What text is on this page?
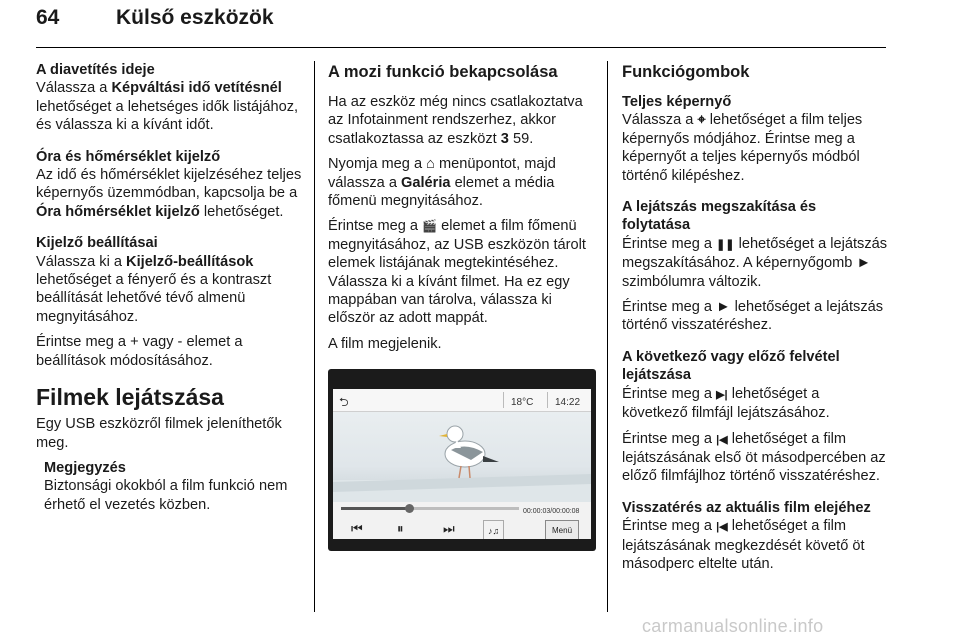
64	Külső eszközök
A diavetítés ideje
Válassza a Képváltási idő vetítésnél lehetőséget a lehetséges idők listájához, és válassza ki a kívánt időt.
Óra és hőmérséklet kijelző
Az idő és hőmérséklet kijelzéséhez teljes képernyős üzemmódban, kapcsolja be a Óra hőmérséklet kijelző lehetőséget.
Kijelző beállításai
Válassza ki a Kijelző-beállítások lehetőséget a fényerő és a kontraszt beállítását lehetővé tévő almenü megnyitásához.
Érintse meg a + vagy - elemet a beállítások módosításához.
Filmek lejátszása
Egy USB eszközről filmek jeleníthetők meg.
Megjegyzés
Biztonsági okokból a film funkció nem érhető el vezetés közben.
A mozi funkció bekapcsolása
Ha az eszköz még nincs csatlakoztatva az Infotainment rendszerhez, akkor csatlakoztassa az eszközt 3 59.
Nyomja meg a ⌂ menüpontot, majd válassza a Galéria elemet a média főmenü megnyitásához.
Érintse meg a 🎬 elemet a film főmenü megnyitásához, az USB eszközön tárolt elemek listájának megtekintéséhez. Válassza ki a kívánt filmet. Ha ez egy mappában van tárolva, válassza ki először az adott mappát.
A film megjelenik.
⮌	18°C 14:22
00:00:03/00:00:08
⏮	⏸	⏭	♪♫	Menü
Funkciógombok
Teljes képernyő
Válassza a ⌖ lehetőséget a film teljes képernyős módjához. Érintse meg a képernyőt a teljes képernyős módból történő kilépéshez.
A lejátszás megszakítása és folytatása
Érintse meg a ❚❚ lehetőséget a lejátszás megszakításához. A képernyőgomb ► szimbólumra változik.
Érintse meg a ► lehetőséget a lejátszás történő visszatéréshez.
A következő vagy előző felvétel lejátszása
Érintse meg a ▶| lehetőséget a következő filmfájl lejátszásához.
Érintse meg a |◀ lehetőséget a film lejátszásának első öt másodpercében az előző filmfájlhoz történő visszatéréshez.
Visszatérés az aktuális film elejéhez
Érintse meg a |◀ lehetőséget a film lejátszásának megkezdését követő öt másodperc eltelte után.
carmanualsonline.info
